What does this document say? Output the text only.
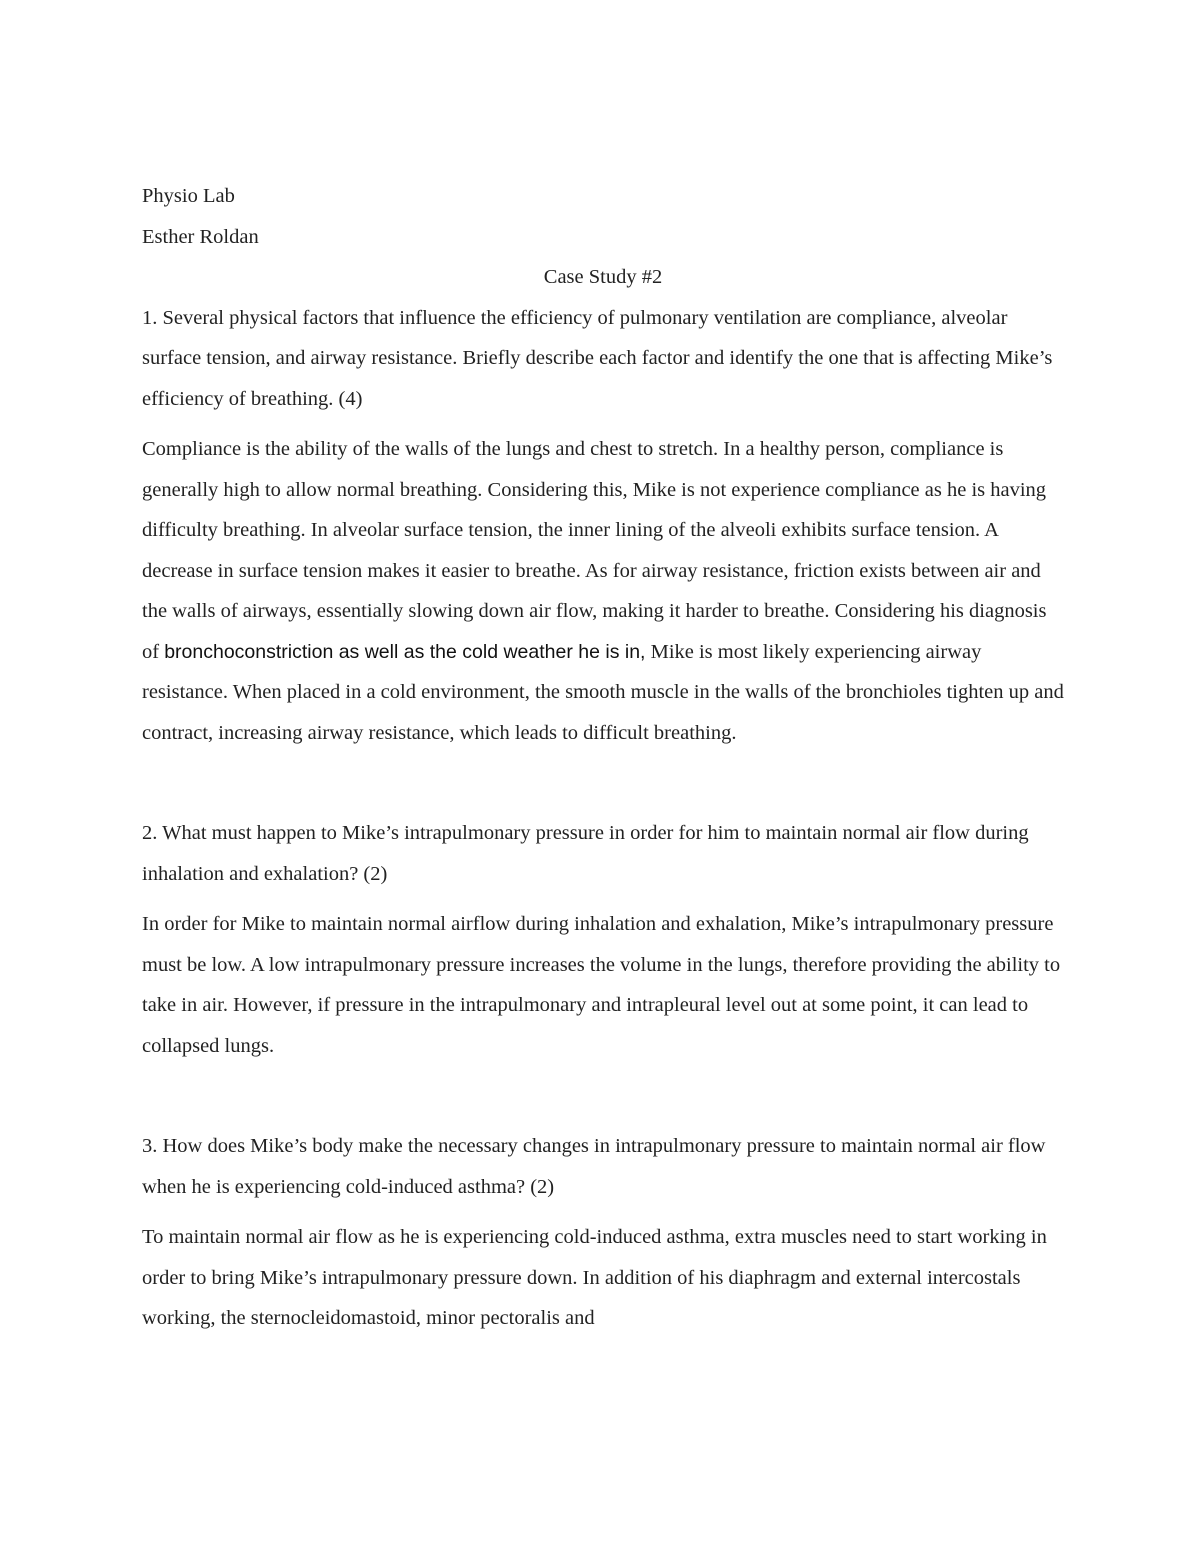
Physio Lab

Esther Roldan

Case Study #2

1. Several physical factors that influence the efficiency of pulmonary ventilation are compliance, alveolar surface tension, and airway resistance. Briefly describe each factor and identify the one that is affecting Mike’s efficiency of breathing. (4)

Compliance is the ability of the walls of the lungs and chest to stretch. In a healthy person, compliance is generally high to allow normal breathing. Considering this, Mike is not experience compliance as he is having difficulty breathing. In alveolar surface tension, the inner lining of the alveoli exhibits surface tension. A decrease in surface tension makes it easier to breathe. As for airway resistance, friction exists between air and the walls of airways, essentially slowing down air flow, making it harder to breathe. Considering his diagnosis of bronchoconstriction as well as the cold weather he is in, Mike is most likely experiencing airway resistance. When placed in a cold environment, the smooth muscle in the walls of the bronchioles tighten up and contract, increasing airway resistance, which leads to difficult breathing.

2. What must happen to Mike’s intrapulmonary pressure in order for him to maintain normal air flow during inhalation and exhalation? (2)

In order for Mike to maintain normal airflow during inhalation and exhalation, Mike’s intrapulmonary pressure must be low. A low intrapulmonary pressure increases the volume in the lungs, therefore providing the ability to take in air. However, if pressure in the intrapulmonary and intrapleural level out at some point, it can lead to collapsed lungs.

3. How does Mike’s body make the necessary changes in intrapulmonary pressure to maintain normal air flow when he is experiencing cold-induced asthma? (2)

To maintain normal air flow as he is experiencing cold-induced asthma, extra muscles need to start working in order to bring Mike’s intrapulmonary pressure down. In addition of his diaphragm and external intercostals working, the sternocleidomastoid, minor pectoralis and
